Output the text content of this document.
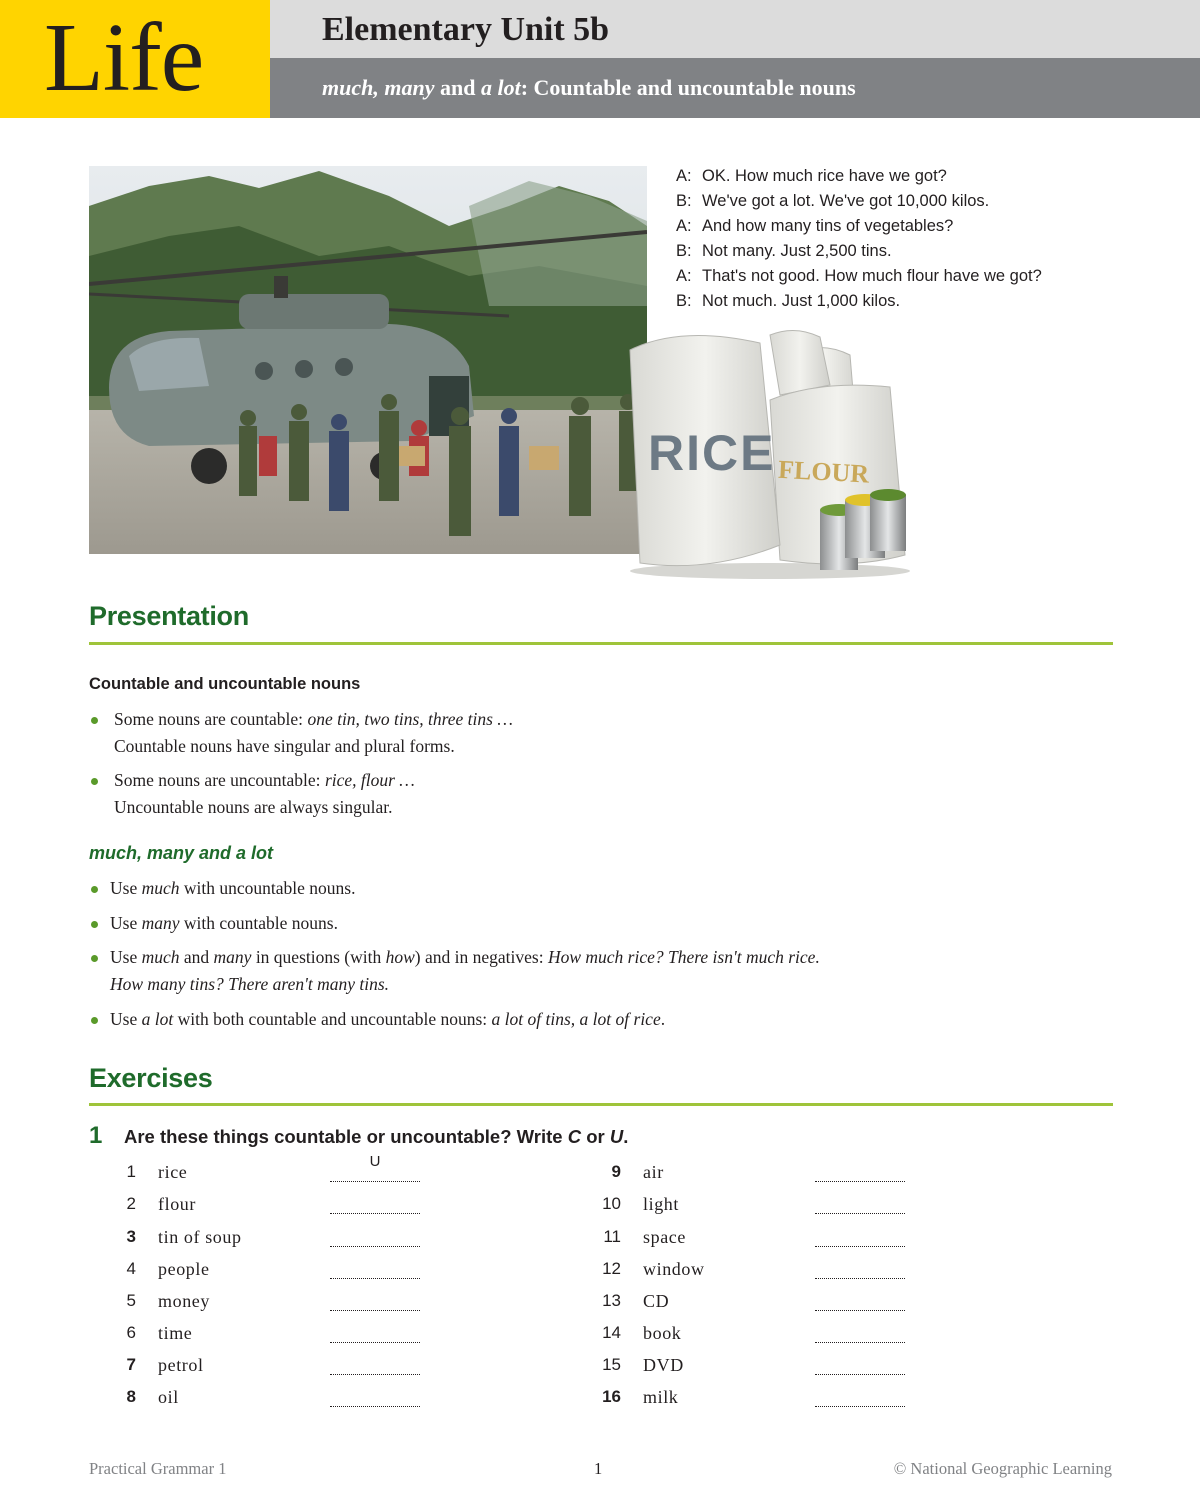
Life	Elementary Unit 5b
much, many and a lot: Countable and uncountable nouns
FLOUR
RICE
A: OK. How much rice have we got?
B: We've got a lot. We've got 10,000 kilos.
A: And how many tins of vegetables?
B: Not many. Just 2,500 tins.
A: That's not good. How much flour have we got?
B: Not much. Just 1,000 kilos.
Presentation
Countable and uncountable nouns
Some nouns are countable: one tin, two tins, three tins …
Countable nouns have singular and plural forms.
Some nouns are uncountable: rice, flour …
Uncountable nouns are always singular.
much, many and a lot
Use much with uncountable nouns.
Use many with countable nouns.
Use much and many in questions (with how) and in negatives: How much rice? There isn't much rice.
How many tins? There aren't many tins.
Use a lot with both countable and uncountable nouns: a lot of tins, a lot of rice.
Exercises
1 Are these things countable or uncountable? Write C or U.
1 rice
U
2 flour
3 tin of soup
4 people
5 money
6 time
7 petrol
8 oil
9 air
10 light
11 space
12 window
13 CD
14 book
15 DVD
16 milk
Practical Grammar 1	1	© National Geographic Learning
